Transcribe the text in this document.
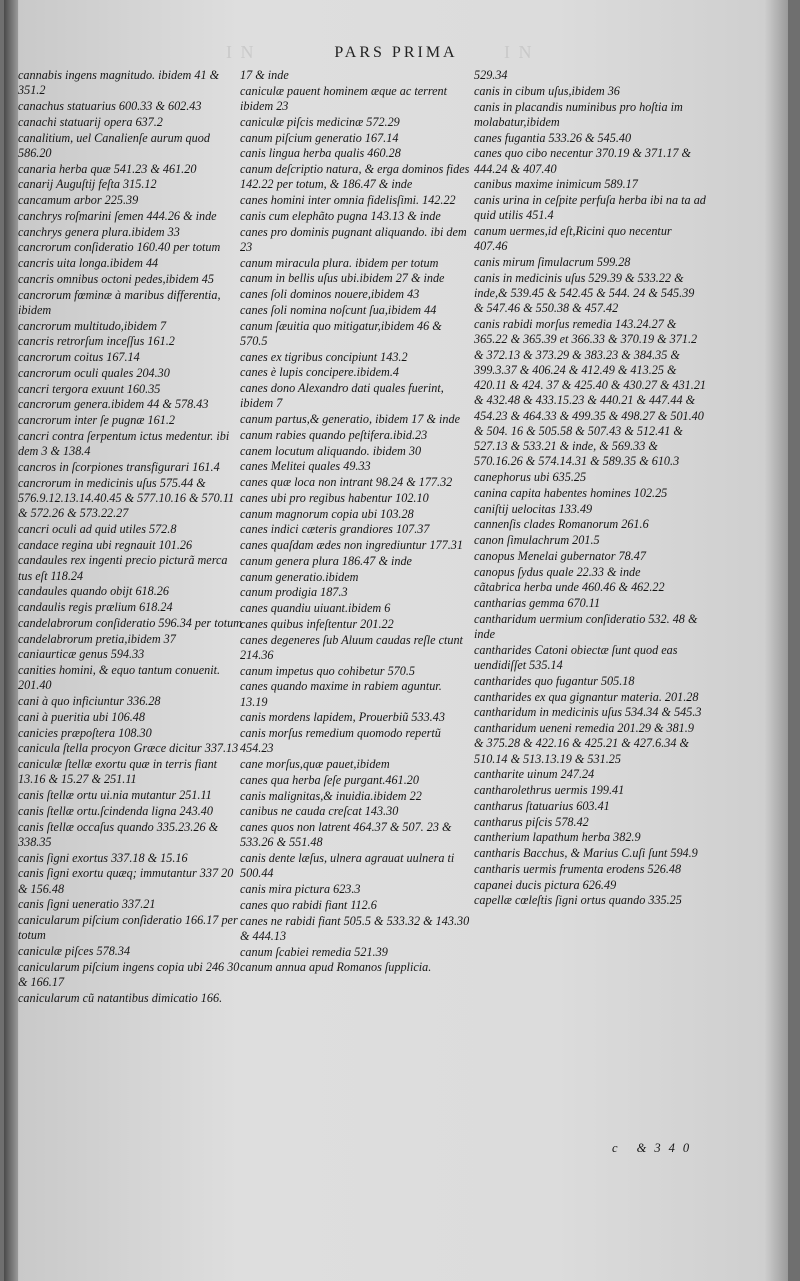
I N	I N
PARS PRIMA
cannabis ingens magnitudo. ibidem 41 & 351.2
canachus statuarius 600.33 & 602.43
canachi statuarij opera 637.2
canalitium, uel Canalienſe aurum quod 586.20
canaria herba quæ 541.23 & 461.20
canarij Auguſtij feſta 315.12
cancamum arbor 225.39
canchrys roſmarini ſemen 444.26 & inde
canchrys genera plura.ibidem 33
cancrorum conſideratio 160.40 per totum
cancris uita longa.ibidem 44
cancris omnibus octoni pedes,ibidem 45
cancrorum fœminæ à maribus differentia, ibidem
cancrorum multitudo,ibidem 7
cancris retrorſum inceſſus 161.2
cancrorum coitus 167.14
cancrorum oculi quales 204.30
cancri tergora exuunt 160.35
cancrorum genera.ibidem 44 & 578.43
cancrorum inter ſe pugnæ 161.2
cancri contra ſerpentum ictus medentur. ibi dem 3 & 138.4
cancros in ſcorpiones transfigurari 161.4
cancrorum in medicinis uſus 575.44 & 576.9.12.13.14.40.45 & 577.10.16 & 570.11 & 572.26 & 573.22.27
cancri oculi ad quid utiles 572.8
candace regina ubi regnauit 101.26
candaules rex ingenti precio picturã merca tus eſt 118.24
candaules quando obijt 618.26
candaulis regis prælium 618.24
candelabrorum conſideratio 596.34 per totum
candelabrorum pretia,ibidem 37
caniaurticæ genus 594.33
canities homini, & equo tantum conuenit. 201.40
cani à quo inficiuntur 336.28
cani à pueritia ubi 106.48
canicies præpoſtera 108.30
canicula ſtella procyon Græce dicitur 337.13
caniculæ ſtellæ exortu quæ in terris fiant 13.16 & 15.27 & 251.11
canis ſtellæ ortu ui.nia mutantur 251.11
canis ſtellæ ortu.ſcindenda ligna 243.40
canis ſtellæ occaſus quando 335.23.26 & 338.35
canis ſigni exortus 337.18 & 15.16
canis ſigni exortu quæq; immutantur 337 20 & 156.48
canis ſigni ueneratio 337.21
canicularum piſcium conſideratio 166.17 per totum
caniculæ piſces 578.34
canicularum piſcium ingens copia ubi 246 30 & 166.17
canicularum cũ natantibus dimicatio 166.
17 & inde
caniculæ pauent hominem æque ac terrent ibidem 23
caniculæ piſcis medicinæ 572.29
canum piſcium generatio 167.14
canis lingua herba qualis 460.28
canum deſcriptio natura, & erga dominos fides 142.22 per totum, & 186.47 & inde
canes homini inter omnia fidelisſimi. 142.22
canis cum elephãto pugna 143.13 & inde
canes pro dominis pugnant aliquando. ibi dem 23
canum miracula plura. ibidem per totum
canum in bellis uſus ubi.ibidem 27 & inde
canes ſoli dominos nouere,ibidem 43
canes ſoli nomina noſcunt ſua,ibidem 44
canum ſæuitia quo mitigatur,ibidem 46 & 570.5
canes ex tigribus concipiunt 143.2
canes è lupis concipere.ibidem.4
canes dono Alexandro dati quales fuerint, ibidem 7
canum partus,& generatio, ibidem 17 & inde
canum rabies quando peſtifera.ibid.23
canem locutum aliquando. ibidem 30
canes Melitei quales 49.33
canes quæ loca non intrant 98.24 & 177.32
canes ubi pro regibus habentur 102.10
canum magnorum copia ubi 103.28
canes indici cæteris grandiores 107.37
canes quaſdam ædes non ingrediuntur 177.31
canum genera plura 186.47 & inde
canum generatio.ibidem
canum prodigia 187.3
canes quandiu uiuant.ibidem 6
canes quibus infeſtentur 201.22
canes degeneres ſub Aluum caudas reſle ctunt 214.36
canum impetus quo cohibetur 570.5
canes quando maxime in rabiem aguntur. 13.19
canis mordens lapidem, Prouerbiũ 533.43
canis morſus remedium quomodo repertũ 454.23
cane morſus,quæ pauet,ibidem
canes qua herba ſeſe purgant.461.20
canis malignitas,& inuidia.ibidem 22
canibus ne cauda creſcat 143.30
canes quos non latrent 464.37 & 507. 23 & 533.26 & 551.48
canis dente læſus, ulnera agrauat uulnera ti 500.44
canis mira pictura 623.3
canes quo rabidi fiant 112.6
canes ne rabidi fiant 505.5 & 533.32 & 143.30 & 444.13
canum ſcabiei remedia 521.39
canum annua apud Romanos ſupplicia.
529.34
canis in cibum uſus,ibidem 36
canis in placandis numinibus pro hoſtia im molabatur,ibidem
canes fugantia 533.26 & 545.40
canes quo cibo necentur 370.19 & 371.17 & 444.24 & 407.40
canibus maxime inimicum 589.17
canis urina in ceſpite perfuſa herba ibi na ta ad quid utilis 451.4
canum uermes,id eſt,Ricini quo necentur 407.46
canis mirum ſimulacrum 599.28
canis in medicinis uſus 529.39 & 533.22 & inde,& 539.45 & 542.45 & 544. 24 & 545.39 & 547.46 & 550.38 & 457.42
canis rabidi morſus remedia 143.24.27 & 365.22 & 365.39 et 366.33 & 370.19 & 371.2 & 372.13 & 373.29 & 383.23 & 384.35 & 399.3.37 & 406.24 & 412.49 & 413.25 & 420.11 & 424. 37 & 425.40 & 430.27 & 431.21 & 432.48 & 433.15.23 & 440.21 & 447.44 & 454.23 & 464.33 & 499.35 & 498.27 & 501.40 & 504. 16 & 505.58 & 507.43 & 512.41 & 527.13 & 533.21 & inde, & 569.33 & 570.16.26 & 574.14.31 & 589.35 & 610.3
canephorus ubi 635.25
canina capita habentes homines 102.25
caniſtij uelocitas 133.49
cannenſis clades Romanorum 261.6
canon ſimulachrum 201.5
canopus Menelai gubernator 78.47
canopus ſydus quale 22.33 & inde
cãtabrica herba unde 460.46 & 462.22
cantharias gemma 670.11
cantharidum uermium conſideratio 532. 48 & inde
cantharides Catoni obiectæ ſunt quod eas uendidiſſet 535.14
cantharides quo fugantur 505.18
cantharides ex qua gignantur materia. 201.28
cantharidum in medicinis uſus 534.34 & 545.3
cantharidum ueneni remedia 201.29 & 381.9 & 375.28 & 422.16 & 425.21 & 427.6.34 & 510.14 & 513.13.19 & 531.25
cantharite uinum 247.24
cantharolethrus uermis 199.41
cantharus ſtatuarius 603.41
cantharus piſcis 578.42
cantherium lapathum herba 382.9
cantharis Bacchus, & Marius C.uſi ſunt 594.9
cantharis uermis frumenta erodens 526.48
capanei ducis pictura 626.49
capellæ cœleſtis ſigni ortus quando 335.25
c &340
